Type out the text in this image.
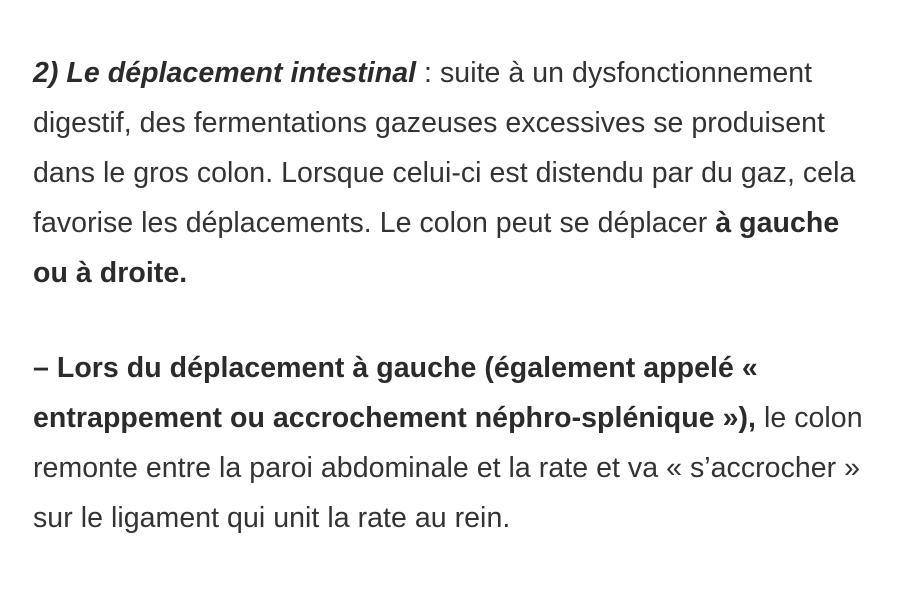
2) Le déplacement intestinal : suite à un dysfonctionnement digestif, des fermentations gazeuses excessives se produisent dans le gros colon. Lorsque celui-ci est distendu par du gaz, cela favorise les déplacements. Le colon peut se déplacer à gauche ou à droite.

– Lors du déplacement à gauche (également appelé « entrappement ou accrochement néphro-splénique »), le colon remonte entre la paroi abdominale et la rate et va « s’accrocher » sur le ligament qui unit la rate au rein.
